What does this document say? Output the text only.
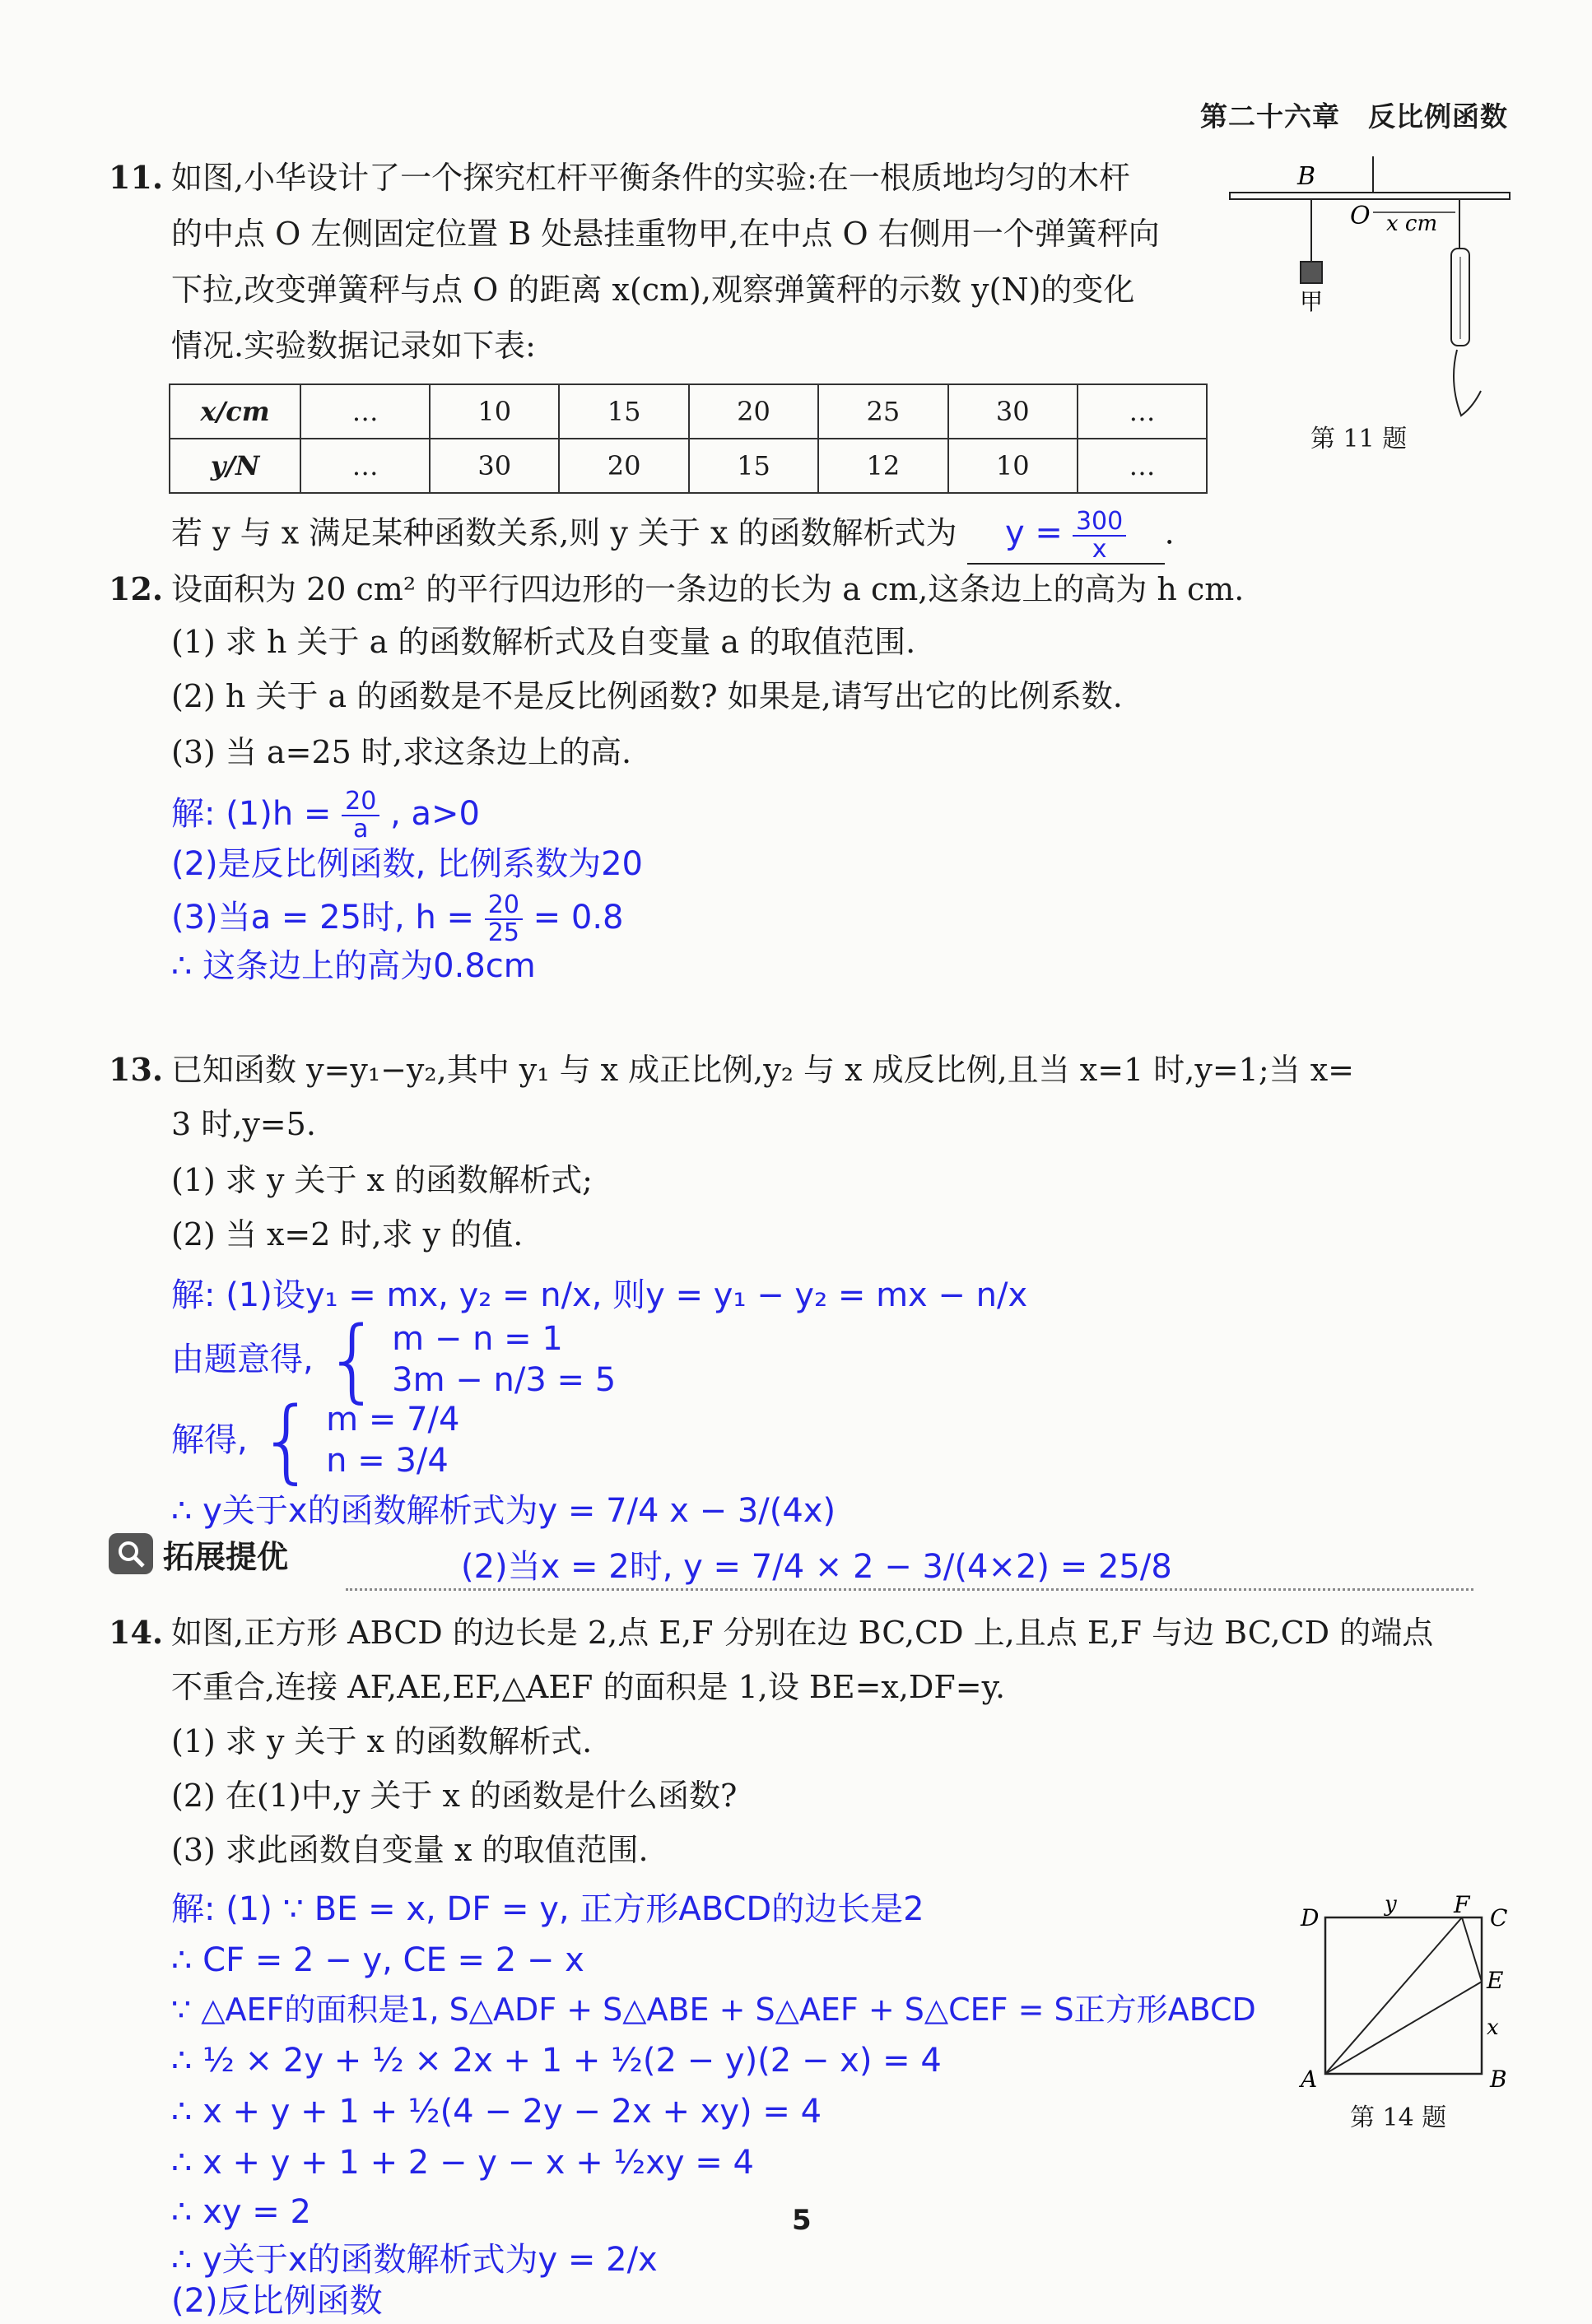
第二十六章　反比例函数
11. 如图,小华设计了一个探究杠杆平衡条件的实验:在一根质地均匀的木杆
的中点 O 左侧固定位置 B 处悬挂重物甲,在中点 O 右侧用一个弹簧秤向
下拉,改变弹簧秤与点 O 的距离 x(cm),观察弹簧秤的示数 y(N)的变化
情况.实验数据记录如下表:
x/cm	…	10	15	20	25	30	…
y/N	…	30	20	15	12	10	…
若 y 与 x 满足某种函数关系,则 y 关于 x 的函数解析式为 $y = \frac{300}{x}$ .
B
O x cm
甲
第 11 题
12. 设面积为 20 cm² 的平行四边形的一条边的长为 a cm,这条边上的高为 h cm.
(1) 求 h 关于 a 的函数解析式及自变量 a 的取值范围.
(2) h 关于 a 的函数是不是反比例函数? 如果是,请写出它的比例系数.
(3) 当 a=25 时,求这条边上的高.
解: $(1)h = \frac{20}{a}$ , a>0
(2)是反比例函数, 比例系数为20
(3)当a = 25时, $h = \frac{20}{25} = 0.8$
∴ 这条边上的高为0.8cm
13. 已知函数 y=y₁−y₂,其中 y₁ 与 x 成正比例,y₂ 与 x 成反比例,且当 x=1 时,y=1;当 x=
3 时,y=5.
(1) 求 y 关于 x 的函数解析式;
(2) 当 x=2 时,求 y 的值.
解: (1)设y₁ = mx, y₂ = n/x, 则y = y₁ − y₂ = mx − n/x
由题意得, { m − n = 1
3m − n/3 = 5
解得, { m = 7/4
n = 3/4
∴ y关于x的函数解析式为y = 7/4 x − 3/(4x)
拓展提优	(2)当x = 2时, y = 7/4 × 2 − 3/(4×2) = 25/8
14. 如图,正方形 ABCD 的边长是 2,点 E,F 分别在边 BC,CD 上,且点 E,F 与边 BC,CD 的端点
不重合,连接 AF,AE,EF,△AEF 的面积是 1,设 BE=x,DF=y.
(1) 求 y 关于 x 的函数解析式.
(2) 在(1)中,y 关于 x 的函数是什么函数?
(3) 求此函数自变量 x 的取值范围.
解: (1) ∵ BE = x, DF = y, 正方形ABCD的边长是2
∴ CF = 2 − y, CE = 2 − x
∵ △AEF的面积是1, S△ADF + S△ABE + S△AEF + S△CEF = S正方形ABCD
∴ ½ × 2y + ½ × 2x + 1 + ½(2 − y)(2 − x) = 4
∴ x + y + 1 + ½(4 − 2y − 2x + xy) = 4
∴ x + y + 1 + 2 − y − x + ½xy = 4
∴ xy = 2
∴ y关于x的函数解析式为y = 2/x
(2)反比例函数
D	C
A	B
E
F
x
y
第 14 题
5
